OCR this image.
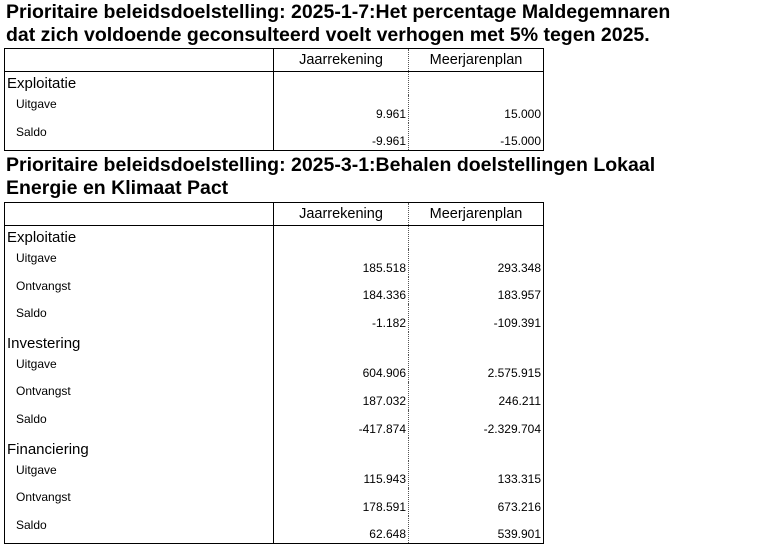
Prioritaire beleidsdoelstelling: 2025-1-7:Het percentage Maldegemnaren
dat zich voldoende geconsulteerd voelt verhogen met 5% tegen 2025.
	Jaarrekening	Meerjarenplan
Exploitatie		
Uitgave	9.961	15.000
Saldo	-9.961	-15.000
Prioritaire beleidsdoelstelling: 2025-3-1:Behalen doelstellingen Lokaal
Energie en Klimaat Pact
	Jaarrekening	Meerjarenplan
Exploitatie		
Uitgave	185.518	293.348
Ontvangst	184.336	183.957
Saldo	-1.182	-109.391
Investering		
Uitgave	604.906	2.575.915
Ontvangst	187.032	246.211
Saldo	-417.874	-2.329.704
Financiering		
Uitgave	115.943	133.315
Ontvangst	178.591	673.216
Saldo	62.648	539.901
